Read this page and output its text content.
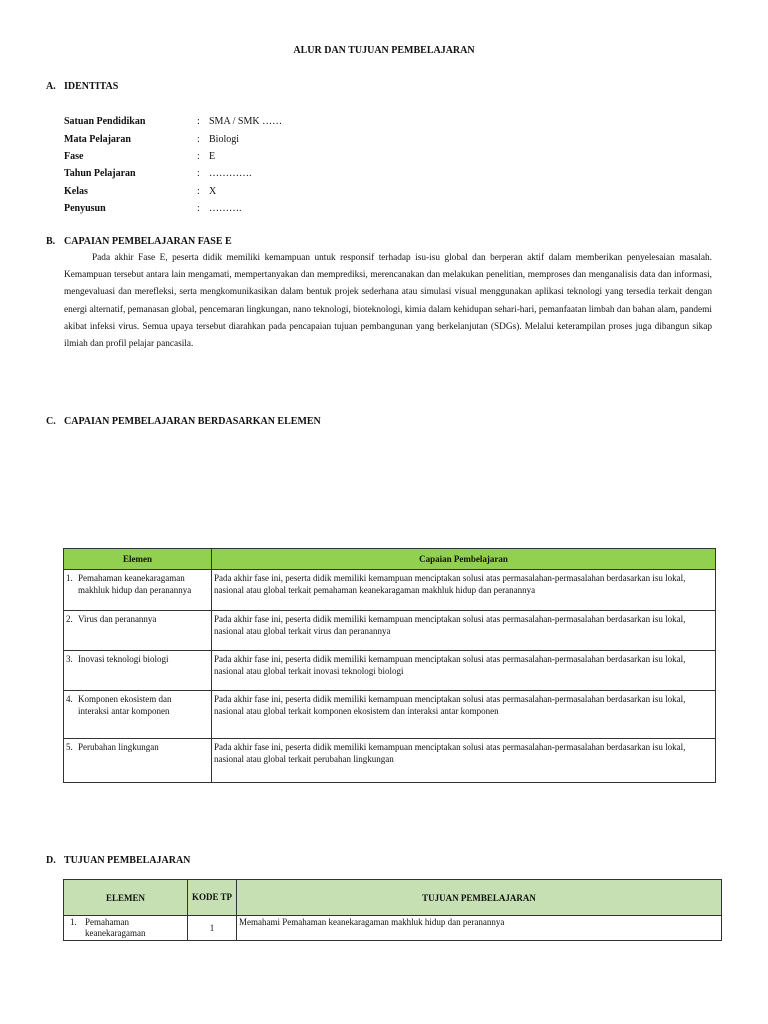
ALUR DAN TUJUAN PEMBELAJARAN
A. IDENTITAS
Satuan Pendidikan	: SMA / SMK ……
Mata Pelajaran	: Biologi
Fase	: E
Tahun Pelajaran	: ………….
Kelas	: X
Penyusun	: ……….
B. CAPAIAN PEMBELAJARAN FASE E
Pada akhir Fase E, peserta didik memiliki kemampuan untuk responsif terhadap isu-isu global dan berperan aktif dalam memberikan penyelesaian masalah. Kemampuan tersebut antara lain mengamati, mempertanyakan dan memprediksi, merencanakan dan melakukan penelitian, memproses dan menganalisis data dan informasi, mengevaluasi dan merefleksi, serta mengkomunikasikan dalam bentuk projek sederhana atau simulasi visual menggunakan aplikasi teknologi yang tersedia terkait dengan energi alternatif, pemanasan global, pencemaran lingkungan, nano teknologi, bioteknologi, kimia dalam kehidupan sehari-hari, pemanfaatan limbah dan bahan alam, pandemi akibat infeksi virus. Semua upaya tersebut diarahkan pada pencapaian tujuan pembangunan yang berkelanjutan (SDGs). Melalui keterampilan proses juga dibangun sikap ilmiah dan profil pelajar pancasila.
C. CAPAIAN PEMBELAJARAN BERDASARKAN ELEMEN
Elemen	Capaian Pembelajaran
1. Pemahaman keanekaragaman makhluk hidup dan peranannya	Pada akhir fase ini, peserta didik memiliki kemampuan menciptakan solusi atas permasalahan-permasalahan berdasarkan isu lokal, nasional atau global terkait pemahaman keanekaragaman makhluk hidup dan peranannya
2. Virus dan peranannya	Pada akhir fase ini, peserta didik memiliki kemampuan menciptakan solusi atas permasalahan-permasalahan berdasarkan isu lokal, nasional atau global terkait virus dan peranannya
3. Inovasi teknologi biologi	Pada akhir fase ini, peserta didik memiliki kemampuan menciptakan solusi atas permasalahan-permasalahan berdasarkan isu lokal, nasional atau global terkait inovasi teknologi biologi
4. Komponen ekosistem dan interaksi antar komponen	Pada akhir fase ini, peserta didik memiliki kemampuan menciptakan solusi atas permasalahan-permasalahan berdasarkan isu lokal, nasional atau global terkait komponen ekosistem dan interaksi antar komponen
5. Perubahan lingkungan	Pada akhir fase ini, peserta didik memiliki kemampuan menciptakan solusi atas permasalahan-permasalahan berdasarkan isu lokal, nasional atau global terkait perubahan lingkungan
D. TUJUAN PEMBELAJARAN
ELEMEN	KODE TP	TUJUAN PEMBELAJARAN
1. Pemahaman keanekaragaman	1	Memahami Pemahaman keanekaragaman makhluk hidup dan peranannya
